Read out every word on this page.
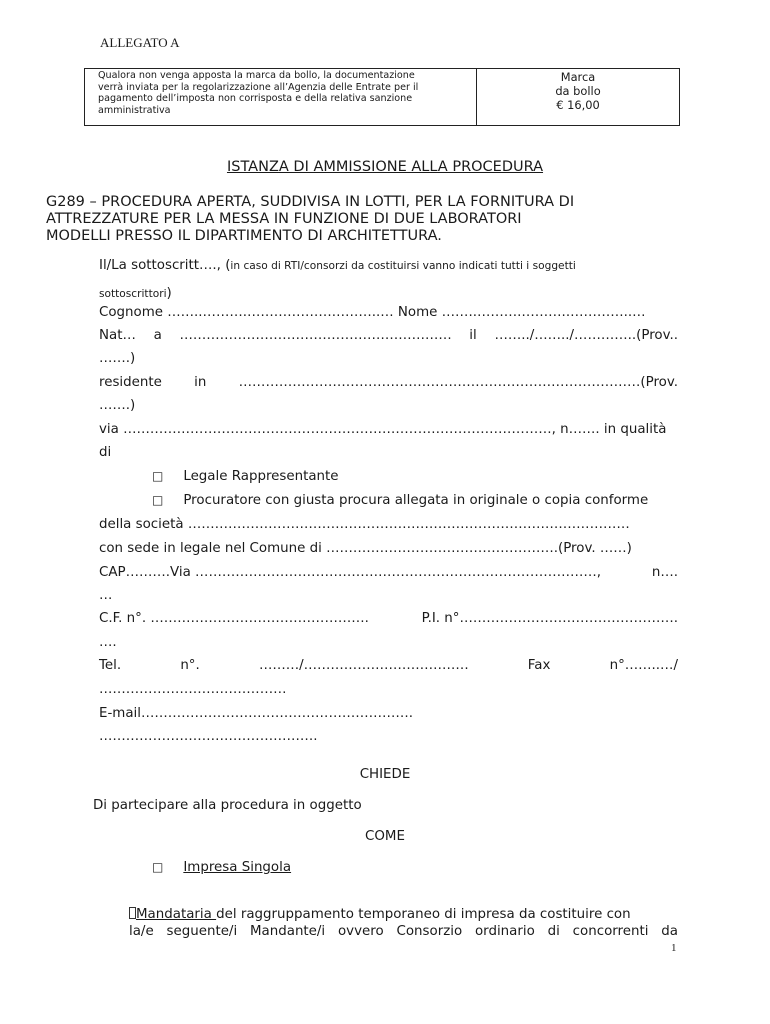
ALLEGATO A
Qualora non venga apposta la marca da bollo, la documentazione
verrà inviata per la regolarizzazione all’Agenzia delle Entrate per il
pagamento dell’imposta non corrisposta e della relativa sanzione
amministrativa
Marca
da bollo
€ 16,00
ISTANZA DI AMMISSIONE ALLA PROCEDURA
G289 – PROCEDURA APERTA, SUDDIVISA IN LOTTI, PER LA FORNITURA DI
ATTREZZATURE PER LA MESSA IN FUNZIONE DI DUE LABORATORI
MODELLI PRESSO IL DIPARTIMENTO DI ARCHITETTURA.
Il/La sottoscritt…., (in caso di RTI/consorzi da costituirsi vanno indicati tutti i soggetti
sottoscrittori)
Cognome ……..……….……………….………..… Nome ……..……….………..…………..…
Nat… a ……………………………………………………. il ……../……../…………..(Prov..
…….)
residente in ………………………………………………………………………………(Prov.
…….)
via ……………………………………………………………………………………, n……. in qualità
di
□ Legale Rappresentante
□ Procuratore con giusta procura allegata in originale o copia conforme
della società ………………………………………………………………………………………
con sede in legale nel Comune di …………………………………………….(Prov. ……)
CAP……….Via ………………………………………………………………………………,	n….
…
C.F. n°. ………………………………………….	P.I. n°………………………………………….
….
Tel.	n°.	………/……………………………….	Fax	n°……..…/
……………………………………
E-mail…………………………………………………….
………………………………………….
CHIEDE
Di partecipare alla procedura in oggetto
COME
□ Impresa Singola
Mandataria del raggruppamento temporaneo di impresa da costituire con
la/e seguente/i Mandante/i ovvero Consorzio ordinario di concorrenti da
1
